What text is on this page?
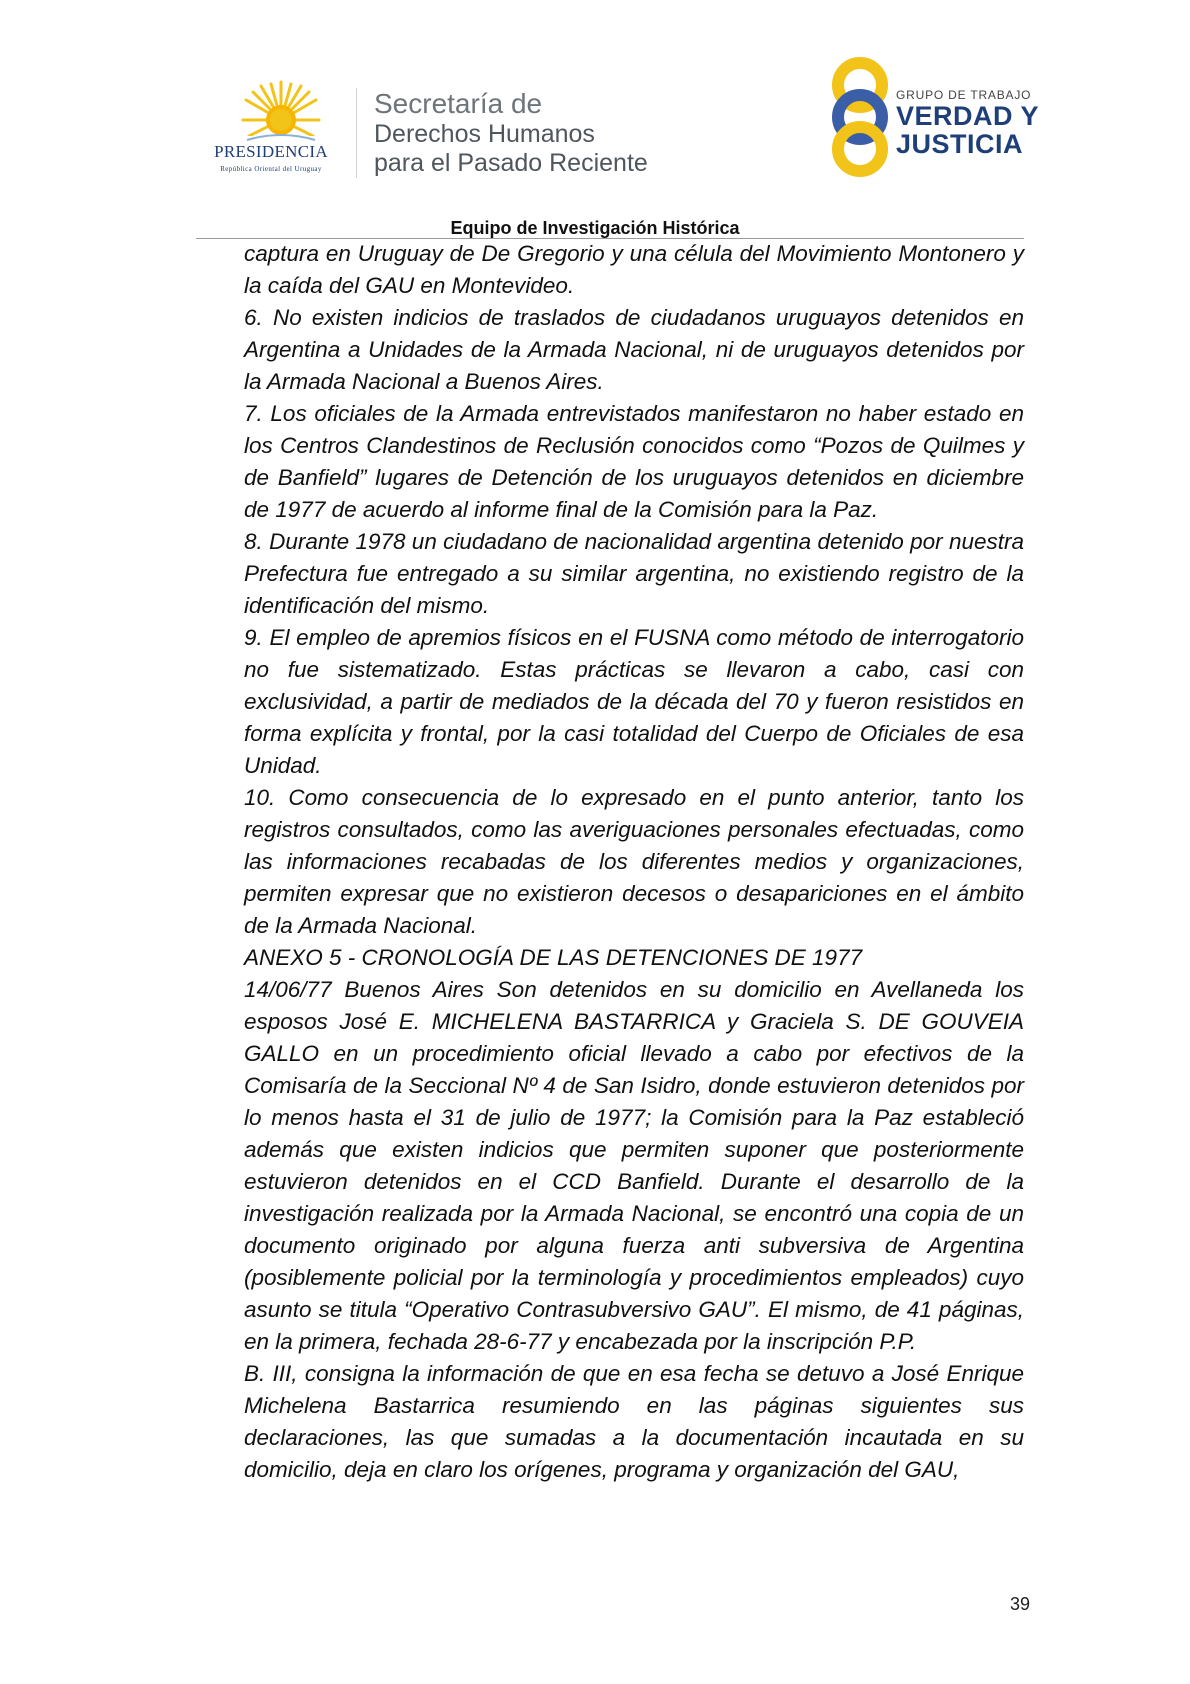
PRESIDENCIA
República Oriental del Uruguay
Secretaría de
Derechos Humanos
para el Pasado Reciente
GRUPO DE TRABAJO
VERDAD Y
JUSTICIA
Equipo de Investigación Histórica

captura en Uruguay de De Gregorio y una célula del Movimiento Montonero y la caída del GAU en Montevideo.

6. No existen indicios de traslados de ciudadanos uruguayos detenidos en Argentina a Unidades de la Armada Nacional, ni de uruguayos detenidos por la Armada Nacional a Buenos Aires.

7. Los oficiales de la Armada entrevistados manifestaron no haber estado en los Centros Clandestinos de Reclusión conocidos como “Pozos de Quilmes y de Banfield” lugares de Detención de los uruguayos detenidos en diciembre de 1977 de acuerdo al informe final de la Comisión para la Paz.

8. Durante 1978 un ciudadano de nacionalidad argentina detenido por nuestra Prefectura fue entregado a su similar argentina, no existiendo registro de la identificación del mismo.

9. El empleo de apremios físicos en el FUSNA como método de interrogatorio no fue sistematizado. Estas prácticas se llevaron a cabo, casi con exclusividad, a partir de mediados de la década del 70 y fueron resistidos en forma explícita y frontal, por la casi totalidad del Cuerpo de Oficiales de esa Unidad.

10. Como consecuencia de lo expresado en el punto anterior, tanto los registros consultados, como las averiguaciones personales efectuadas, como las informaciones recabadas de los diferentes medios y organizaciones, permiten expresar que no existieron decesos o desapariciones en el ámbito de la Armada Nacional.

ANEXO 5 - CRONOLOGÍA DE LAS DETENCIONES DE 1977

14/06/77 Buenos Aires Son detenidos en su domicilio en Avellaneda los esposos José E. MICHELENA BASTARRICA y Graciela S. DE GOUVEIA GALLO en un procedimiento oficial llevado a cabo por efectivos de la Comisaría de la Seccional Nº 4 de San Isidro, donde estuvieron detenidos por lo menos hasta el 31 de julio de 1977; la Comisión para la Paz estableció además que existen indicios que permiten suponer que posteriormente estuvieron detenidos en el CCD Banfield. Durante el desarrollo de la investigación realizada por la Armada Nacional, se encontró una copia de un documento originado por alguna fuerza anti subversiva de Argentina (posiblemente policial por la terminología y procedimientos empleados) cuyo asunto se titula “Operativo Contrasubversivo GAU”. El mismo, de 41 páginas, en la primera, fechada 28-6-77 y encabezada por la inscripción P.P.

B. III, consigna la información de que en esa fecha se detuvo a José Enrique Michelena Bastarrica resumiendo en las páginas siguientes sus declaraciones, las que sumadas a la documentación incautada en su domicilio, deja en claro los orígenes, programa y organización del GAU,

39
